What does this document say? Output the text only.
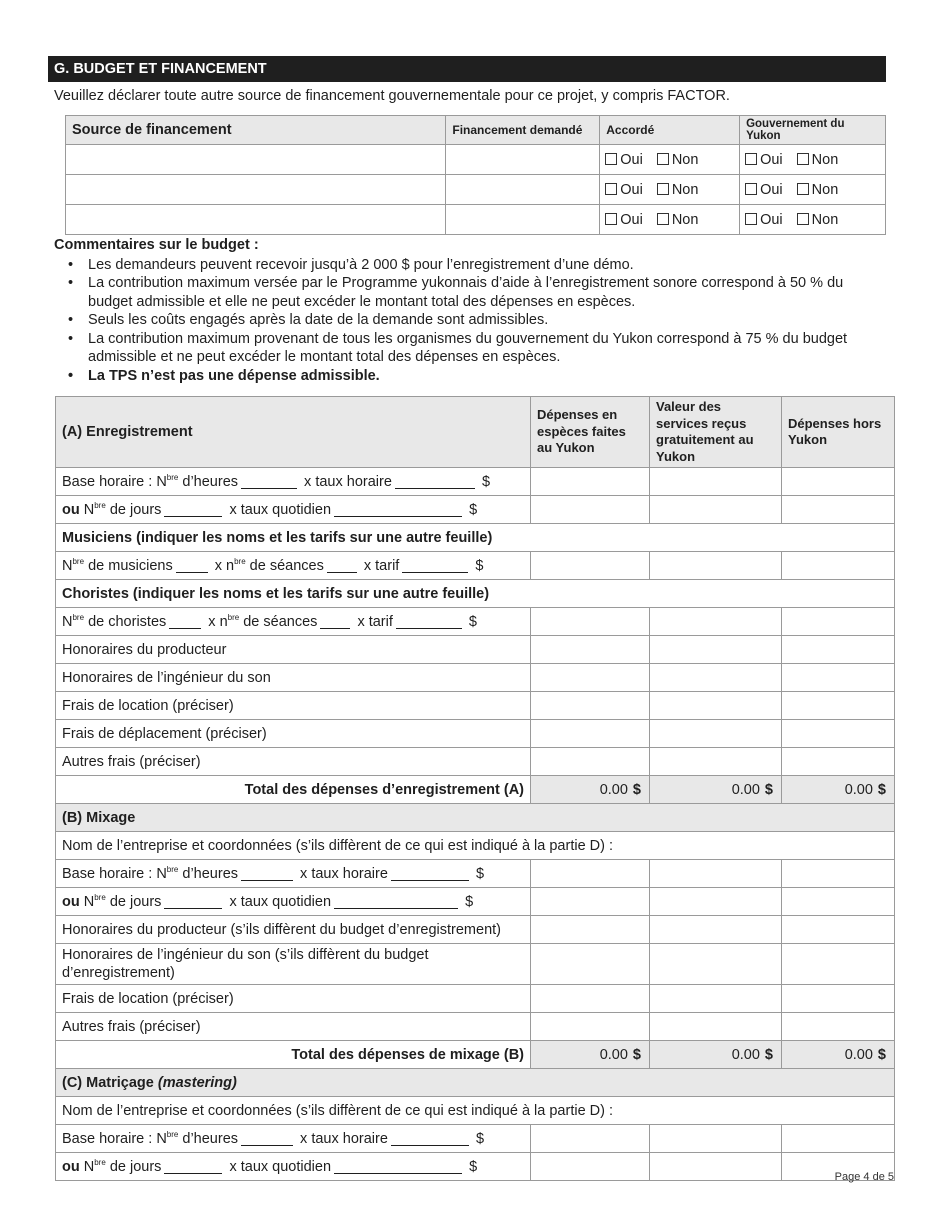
G. BUDGET ET FINANCEMENT
Veuillez déclarer toute autre source de financement gouvernementale pour ce projet, y compris FACTOR.
Source de financement	Financement demandé	Accordé	Gouvernement du Yukon
		Oui Non	Oui Non
		Oui Non	Oui Non
		Oui Non	Oui Non
Commentaires sur le budget :
• Les demandeurs peuvent recevoir jusqu’à 2 000 $ pour l’enregistrement d’une démo.
• La contribution maximum versée par le Programme yukonnais d’aide à l’enregistrement sonore correspond à 50 % du budget admissible et elle ne peut excéder le montant total des dépenses en espèces.
• Seuls les coûts engagés après la date de la demande sont admissibles.
• La contribution maximum provenant de tous les organismes du gouvernement du Yukon correspond à 75 % du budget admissible et ne peut excéder le montant total des dépenses en espèces.
• La TPS n’est pas une dépense admissible.
(A) Enregistrement	Dépenses en espèces faites au Yukon	Valeur des services reçus gratuitement au Yukon	Dépenses hors Yukon
Base horaire : $N^{bre}$ d’heures x taux horaire $			
ou $N^{bre}$ de jours x taux quotidien $			
Musiciens (indiquer les noms et les tarifs sur une autre feuille)			
$N^{bre}$ de musiciens x $n^{bre}$ de séances x tarif $			
Choristes (indiquer les noms et les tarifs sur une autre feuille)			
$N^{bre}$ de choristes x $n^{bre}$ de séances x tarif $			
Honoraires du producteur			
Honoraires de l’ingénieur du son			
Frais de location (préciser)			
Frais de déplacement (préciser)			
Autres frais (préciser)			
Total des dépenses d’enregistrement (A)	0.00 $	0.00 $	0.00 $
(B) Mixage			
Nom de l’entreprise et coordonnées (s’ils diffèrent de ce qui est indiqué à la partie D) :			
Base horaire : $N^{bre}$ d’heures x taux horaire $			
ou $N^{bre}$ de jours x taux quotidien $			
Honoraires du producteur (s’ils diffèrent du budget d’enregistrement)			
Honoraires de l’ingénieur du son (s’ils diffèrent du budget d’enregistrement)			
Frais de location (préciser)			
Autres frais (préciser)			
Total des dépenses de mixage (B)	0.00 $	0.00 $	0.00 $
(C) Matriçage (mastering)			
Nom de l’entreprise et coordonnées (s’ils diffèrent de ce qui est indiqué à la partie D) :			
Base horaire : $N^{bre}$ d’heures x taux horaire $			
ou $N^{bre}$ de jours x taux quotidien $			
Page 4 de 5
